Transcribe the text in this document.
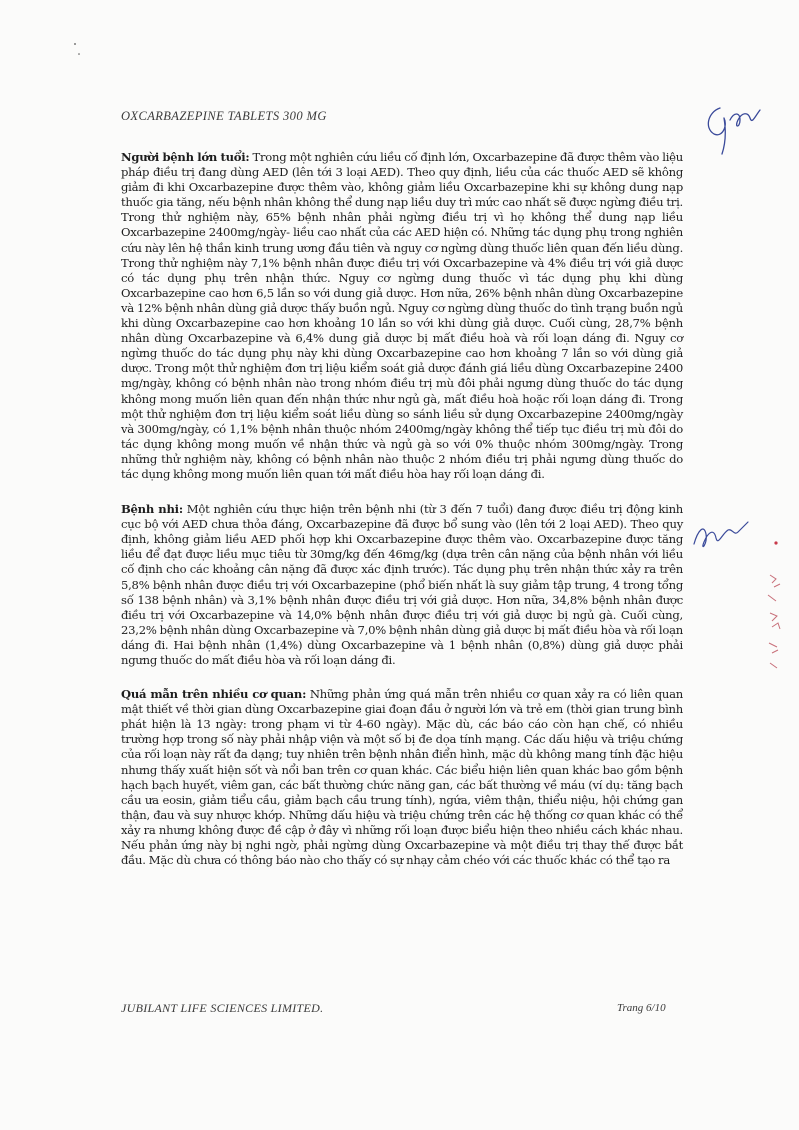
OXCARBAZEPINE TABLETS 300 MG

Người bệnh lớn tuổi: Trong một nghiên cứu liều cố định lớn, Oxcarbazepine đã được thêm vào liệu pháp điều trị đang dùng AED (lên tới 3 loại AED). Theo quy định, liều của các thuốc AED sẽ không giảm đi khi Oxcarbazepine được thêm vào, không giảm liều Oxcarbazepine khi sự không dung nạp thuốc gia tăng, nếu bệnh nhân không thể dung nạp liều duy trì mức cao nhất sẽ được ngừng điều trị. Trong thử nghiệm này, 65% bệnh nhân phải ngừng điều trị vì họ không thể dung nạp liều Oxcarbazepine 2400mg/ngày- liều cao nhất của các AED hiện có. Những tác dụng phụ trong nghiên cứu này lên hệ thần kinh trung ương đầu tiên và nguy cơ ngừng dùng thuốc liên quan đến liều dùng. Trong thử nghiệm này 7,1% bệnh nhân được điều trị với Oxcarbazepine và 4% điều trị với giả dược có tác dụng phụ trên nhận thức. Nguy cơ ngừng dung thuốc vì tác dụng phụ khi dùng Oxcarbazepine cao hơn 6,5 lần so với dung giả dược. Hơn nữa, 26% bệnh nhân dùng Oxcarbazepine và 12% bệnh nhân dùng giả dược thấy buồn ngủ. Nguy cơ ngừng dùng thuốc do tình trạng buồn ngủ khi dùng Oxcarbazepine cao hơn khoảng 10 lần so với khi dùng giả dược. Cuối cùng, 28,7% bệnh nhân dùng Oxcarbazepine và 6,4% dung giả dược bị mất điều hoà và rối loạn dáng đi. Nguy cơ ngừng thuốc do tác dụng phụ này khi dùng Oxcarbazepine cao hơn khoảng 7 lần so với dùng giả dược. Trong một thử nghiệm đơn trị liệu kiểm soát giả dược đánh giá liều dùng Oxcarbazepine 2400 mg/ngày, không có bệnh nhân nào trong nhóm điều trị mù đôi phải ngưng dùng thuốc do tác dụng không mong muốn liên quan đến nhận thức như ngủ gà, mất điều hoà hoặc rối loạn dáng đi. Trong một thử nghiệm đơn trị liệu kiểm soát liều dùng so sánh liều sử dụng Oxcarbazepine 2400mg/ngày và 300mg/ngày, có 1,1% bệnh nhân thuộc nhóm 2400mg/ngày không thể tiếp tục điều trị mù đôi do tác dụng không mong muốn về nhận thức và ngủ gà so với 0% thuộc nhóm 300mg/ngày. Trong những thử nghiệm này, không có bệnh nhân nào thuộc 2 nhóm điều trị phải ngưng dùng thuốc do tác dụng không mong muốn liên quan tới mất điều hòa hay rối loạn dáng đi.

Bệnh nhi: Một nghiên cứu thực hiện trên bệnh nhi (từ 3 đến 7 tuổi) đang được điều trị động kinh cục bộ với AED chưa thỏa đáng, Oxcarbazepine đã được bổ sung vào (lên tới 2 loại AED). Theo quy định, không giảm liều AED phối hợp khi Oxcarbazepine được thêm vào. Oxcarbazepine được tăng liều để đạt được liều mục tiêu từ 30mg/kg đến 46mg/kg (dựa trên cân nặng của bệnh nhân với liều cố định cho các khoảng cân nặng đã được xác định trước). Tác dụng phụ trên nhận thức xảy ra trên 5,8% bệnh nhân được điều trị với Oxcarbazepine (phổ biến nhất là suy giảm tập trung, 4 trong tổng số 138 bệnh nhân) và 3,1% bệnh nhân được điều trị với giả dược. Hơn nữa, 34,8% bệnh nhân được điều trị với Oxcarbazepine và 14,0% bệnh nhân được điều trị với giả dược bị ngủ gà. Cuối cùng, 23,2% bệnh nhân dùng Oxcarbazepine và 7,0% bệnh nhân dùng giả dược bị mất điều hòa và rối loạn dáng đi. Hai bệnh nhân (1,4%) dùng Oxcarbazepine và 1 bệnh nhân (0,8%) dùng giả dược phải ngưng thuốc do mất điều hòa và rối loạn dáng đi.

Quá mẫn trên nhiều cơ quan: Những phản ứng quá mẫn trên nhiều cơ quan xảy ra có liên quan mật thiết về thời gian dùng Oxcarbazepine giai đoạn đầu ở người lớn và trẻ em (thời gian trung bình phát hiện là 13 ngày: trong phạm vi từ 4-60 ngày). Mặc dù, các báo cáo còn hạn chế, có nhiều trường hợp trong số này phải nhập viện và một số bị đe dọa tính mạng. Các dấu hiệu và triệu chứng của rối loạn này rất đa dạng; tuy nhiên trên bệnh nhân điển hình, mặc dù không mang tính đặc hiệu nhưng thấy xuất hiện sốt và nổi ban trên cơ quan khác. Các biểu hiện liên quan khác bao gồm bệnh hạch bạch huyết, viêm gan, các bất thường chức năng gan, các bất thường về máu (ví dụ: tăng bạch cầu ưa eosin, giảm tiểu cầu, giảm bạch cầu trung tính), ngứa, viêm thận, thiểu niệu, hội chứng gan thận, đau và suy nhược khớp. Những dấu hiệu và triệu chứng trên các hệ thống cơ quan khác có thể xảy ra nhưng không được đề cập ở đây vì những rối loạn được biểu hiện theo nhiều cách khác nhau. Nếu phản ứng này bị nghi ngờ, phải ngừng dùng Oxcarbazepine và một điều trị thay thế được bắt đầu. Mặc dù chưa có thông báo nào cho thấy có sự nhạy cảm chéo với các thuốc khác có thể tạo ra

JUBILANT LIFE SCIENCES LIMITED.	Trang 6/10
